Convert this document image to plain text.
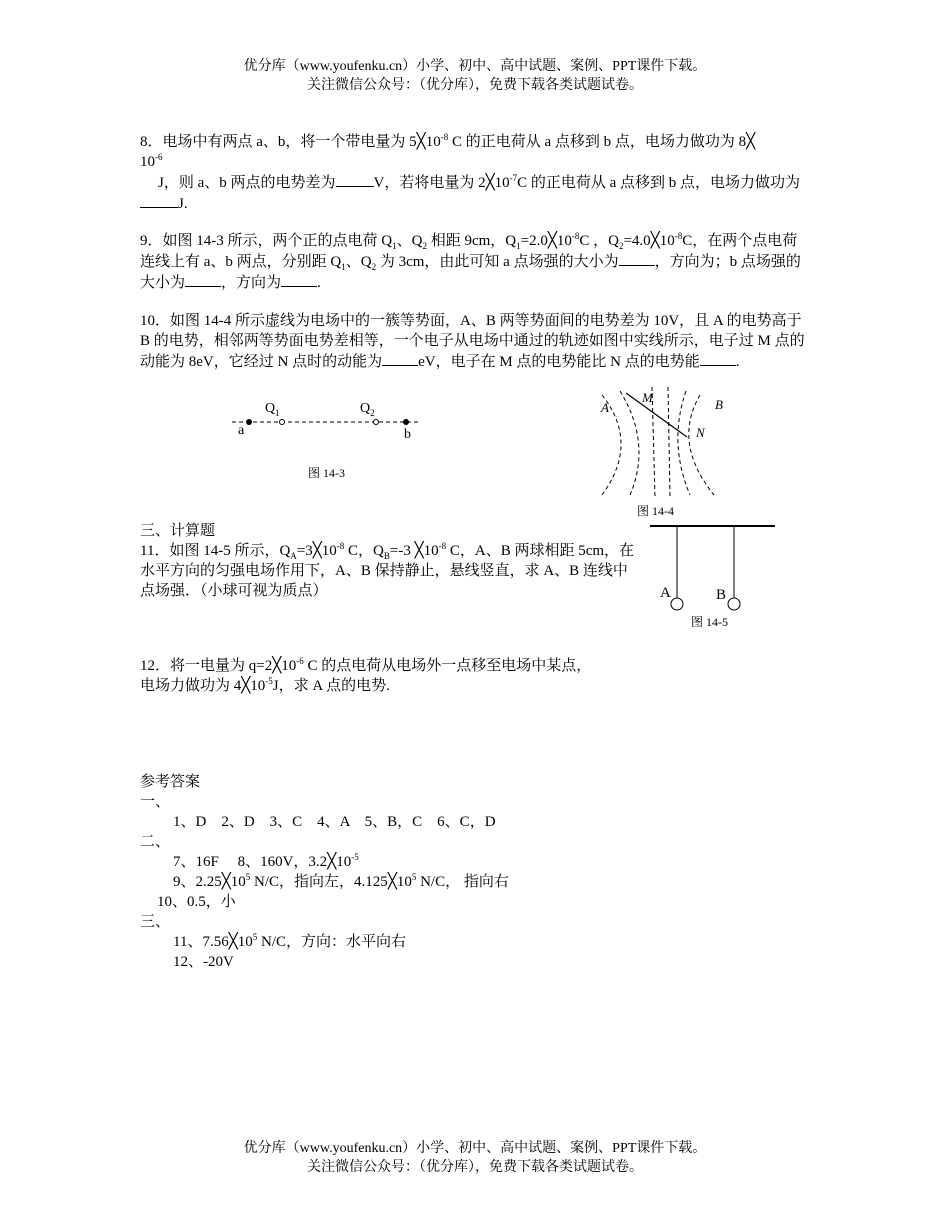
优分库（www.youfenku.cn）小学、初中、高中试题、案例、PPT课件下载。
关注微信公众号：（优分库），免费下载各类试题试卷。

8．电场中有两点 a、b，将一个带电量为 $5╳10^{-8}$ C 的正电荷从 a 点移到 b 点，电场力做功为 8╳

$10^{-6}$

J，则 a、b 两点的电势差为	V，若将电量为 $2╳10^{-7}C$ 的正电荷从 a 点移到 b 点，电场力做功为J.

9．如图 14-3 所示，两个正的点电荷 $Q_1$、$Q_2$ 相距 9cm，$Q_1=2.0╳10^{-8}C$ ，$Q_2=4.0╳10^{-8}C$，在两个点电荷连线上有 a、b 两点，分别距 $Q_1$、$Q_2$ 为 3cm，由此可知 a 点场强的大小为 ，方向为；b 点场强的大小为 ，方向为 .

10．如图 14-4 所示虚线为电场中的一簇等势面，A、B 两等势面间的电势差为 10V，且 A 的电势高于 B 的电势，相邻两等势面电势差相等，一个电子从电场中通过的轨迹如图中实线所示，电子过 M 点的动能为 8eV，它经过 N 点时的动能为 eV，电子在 M 点的电势能比 N 点的电势能 .

$Q_1$	$Q_2$
a	b
图 14-3
A
M	B
N
图 14-4
三、计算题

11．如图 14-5 所示，$Q_A=3╳10^{-8}$ C，$Q_B=-3$ $╳10^{-8}$ C，A、B 两球相距 5cm，在水平方向的匀强电场作用下，A、B 保持静止，悬线竖直，求 A、B 连线中点场强．（小球可视为质点）	A	B
图 14-5

12．将一电量为 $q=2╳10^{-6}$ C 的点电荷从电场外一点移至电场中某点，

电场力做功为 $4╳10^{-5}J$，求 A 点的电势.

参考答案
一、
1、D　2、D　3、C　4、A　5、B，C　6、C，D
二、
7、16F　 8、160V，$3.2╳10^{-5}$
9、$2.25╳10^5$ N/C，指向左，$4.125╳10^5$ N/C， 指向右
10、0.5，小
三、
11、$7.56╳10^5$ N/C，方向：水平向右
12、-20V
优分库（www.youfenku.cn）小学、初中、高中试题、案例、PPT课件下载。
关注微信公众号：（优分库），免费下载各类试题试卷。
